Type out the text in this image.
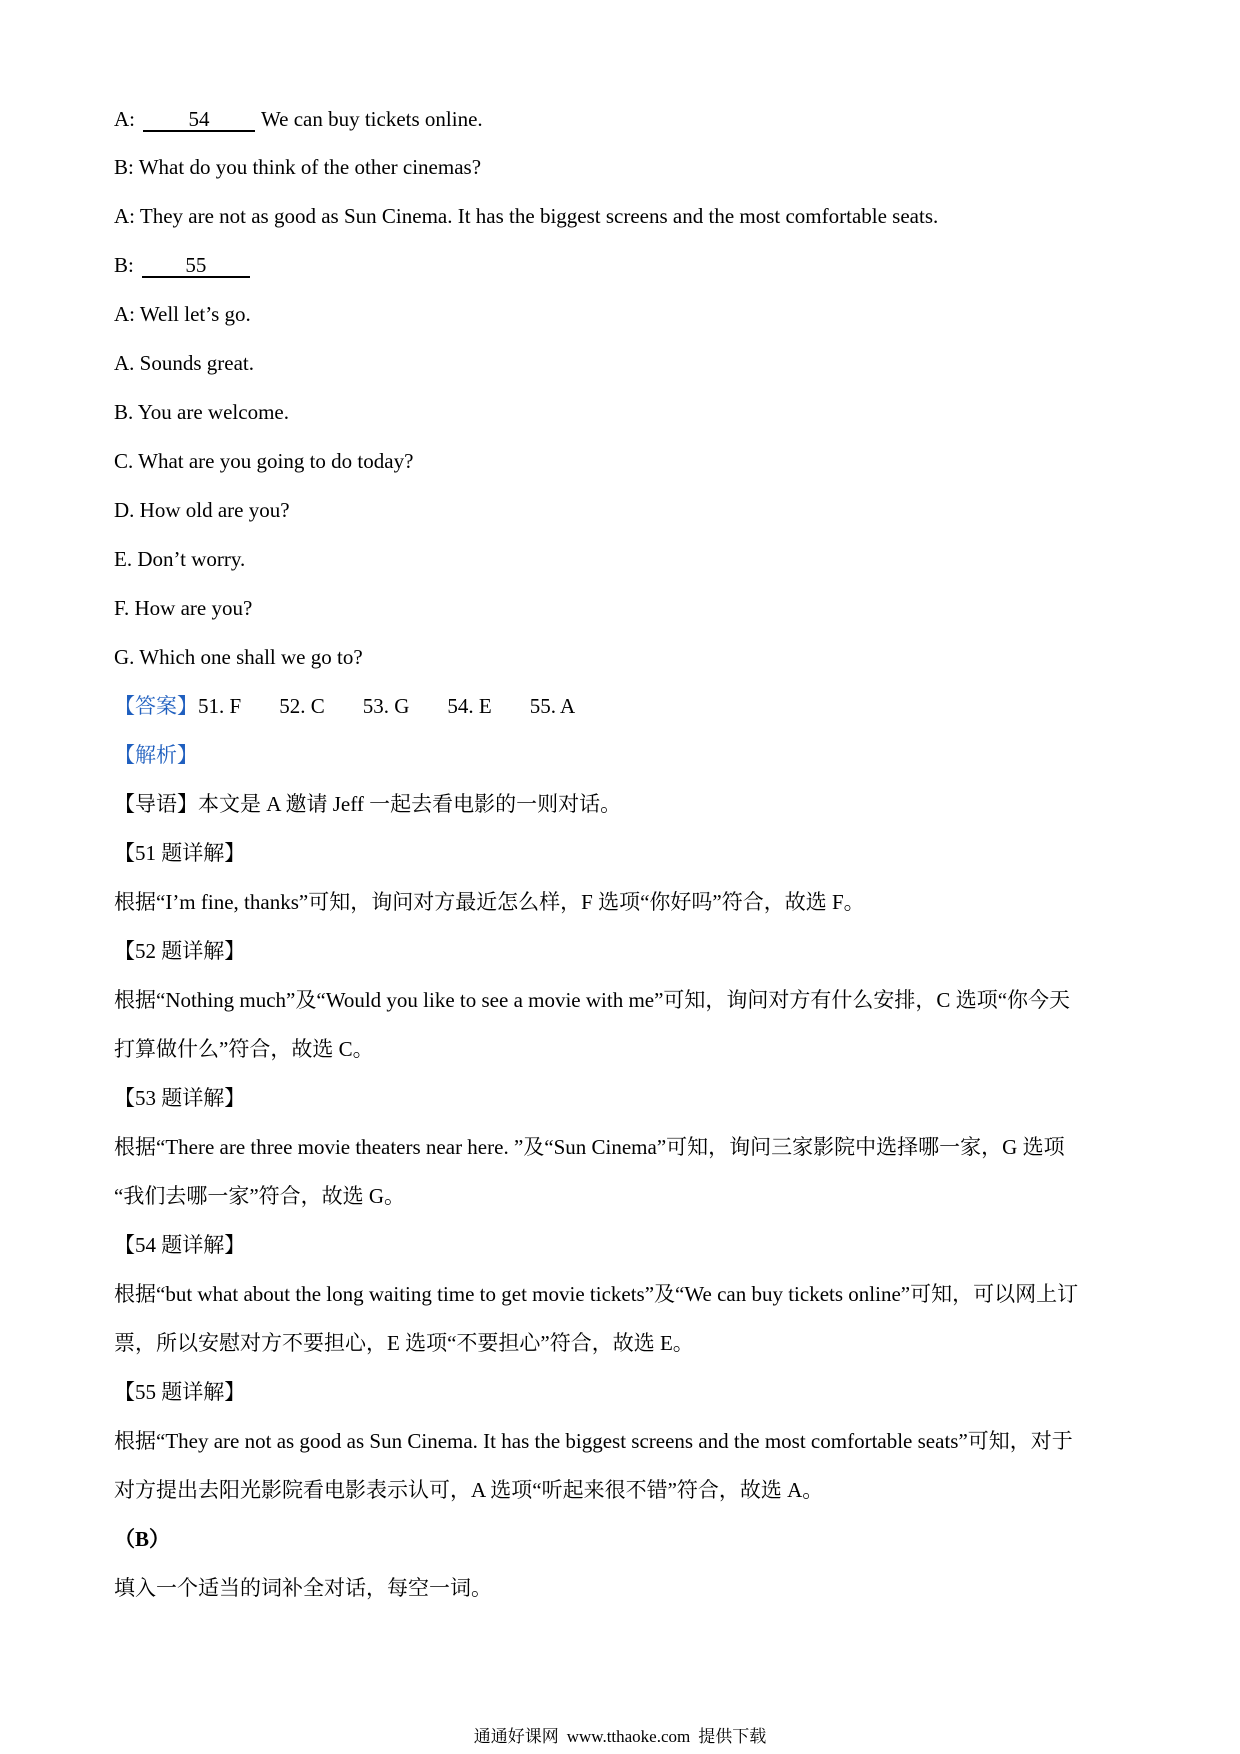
A:	54 We can buy tickets online.
B: What do you think of the other cinemas?
A: They are not as good as Sun Cinema. It has the biggest screens and the most comfortable seats.
B: 55
A: Well let’s go.
A. Sounds great.
B. You are welcome.
C. What are you going to do today?
D. How old are you?
E. Don’t worry.
F. How are you?
G. Which one shall we go to?
【答案】51. F 52. C 53. G 54. E 55. A
【解析】
【导语】本文是 A 邀请 Jeff 一起去看电影的一则对话。
【51 题详解】
根据“I’m fine, thanks”可知，询问对方最近怎么样，F 选项“你好吗”符合，故选 F。
【52 题详解】
根据“Nothing much”及“Would you like to see a movie with me”可知，询问对方有什么安排，C 选项“你今天
打算做什么”符合，故选 C。
【53 题详解】
根据“There are three movie theaters near here. ”及“Sun Cinema”可知，询问三家影院中选择哪一家，G 选项
“我们去哪一家”符合，故选 G。
【54 题详解】
根据“but what about the long waiting time to get movie tickets”及“We can buy tickets online”可知，可以网上订
票，所以安慰对方不要担心，E 选项“不要担心”符合，故选 E。
【55 题详解】
根据“They are not as good as Sun Cinema. It has the biggest screens and the most comfortable seats”可知，对于
对方提出去阳光影院看电影表示认可，A 选项“听起来很不错”符合，故选 A。
（B）
填入一个适当的词补全对话，每空一词。
通通好课网 www.tthaoke.com 提供下载
